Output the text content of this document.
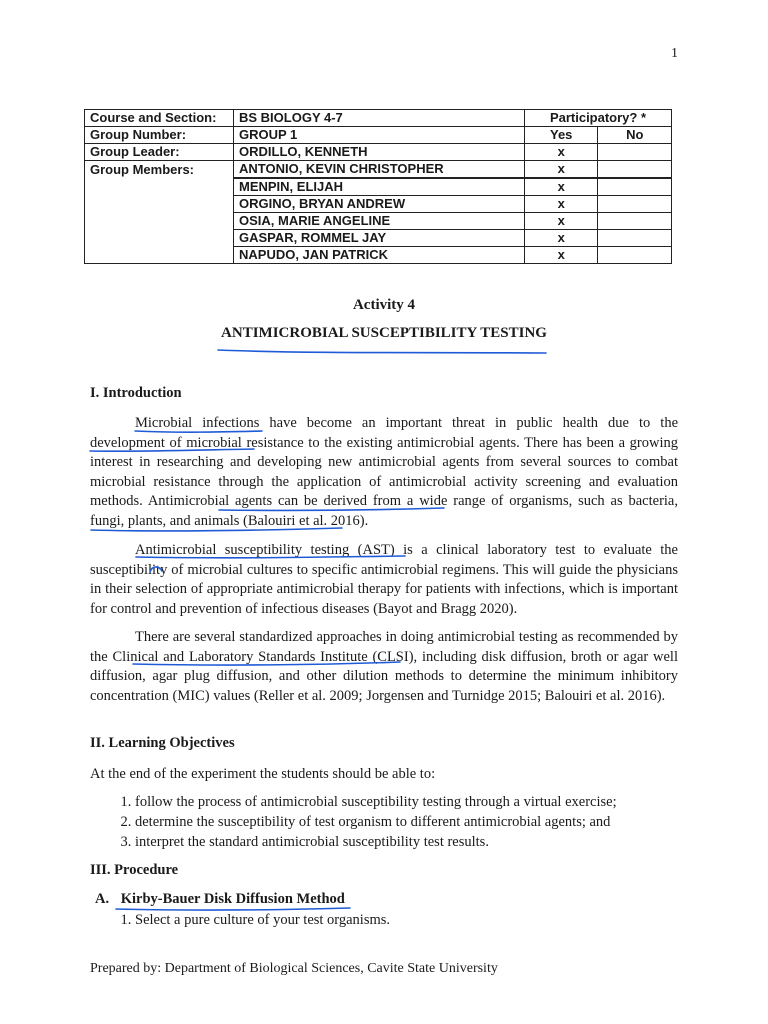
1
Course and Section:	BS BIOLOGY 4-7	Participatory? *	
Group Number:	GROUP 1	Yes	No
Group Leader:	ORDILLO, KENNETH	x	
Group Members:	ANTONIO, KEVIN CHRISTOPHER	x	
	MENPIN, ELIJAH	x	
	ORGINO, BRYAN ANDREW	x	
	OSIA, MARIE ANGELINE	x	
	GASPAR, ROMMEL JAY	x	
	NAPUDO, JAN PATRICK	x	
Activity 4
ANTIMICROBIAL SUSCEPTIBILITY TESTING
I. Introduction

Microbial infections have become an important threat in public health due to the development of microbial resistance to the existing antimicrobial agents. There has been a growing interest in researching and developing new antimicrobial agents from several sources to combat microbial resistance through the application of antimicrobial activity screening and evaluation methods. Antimicrobial agents can be derived from a wide range of organisms, such as bacteria, fungi, plants, and animals (Balouiri et al. 2016).

Antimicrobial susceptibility testing (AST) is a clinical laboratory test to evaluate the susceptibility of microbial cultures to specific antimicrobial regimens. This will guide the physicians in their selection of appropriate antimicrobial therapy for patients with infections, which is important for control and prevention of infectious diseases (Bayot and Bragg 2020).

There are several standardized approaches in doing antimicrobial testing as recommended by the Clinical and Laboratory Standards Institute (CLSI), including disk diffusion, broth or agar well diffusion, agar plug diffusion, and other dilution methods to determine the minimum inhibitory concentration (MIC) values (Reller et al. 2009; Jorgensen and Turnidge 2015; Balouiri et al. 2016).

II. Learning Objectives

At the end of the experiment the students should be able to:

1. follow the process of antimicrobial susceptibility testing through a virtual exercise;
2. determine the susceptibility of test organism to different antimicrobial agents; and
3. interpret the standard antimicrobial susceptibility test results.
III. Procedure
A. Kirby-Bauer Disk Diffusion Method
1. Select a pure culture of your test organisms.
Prepared by: Department of Biological Sciences, Cavite State University
